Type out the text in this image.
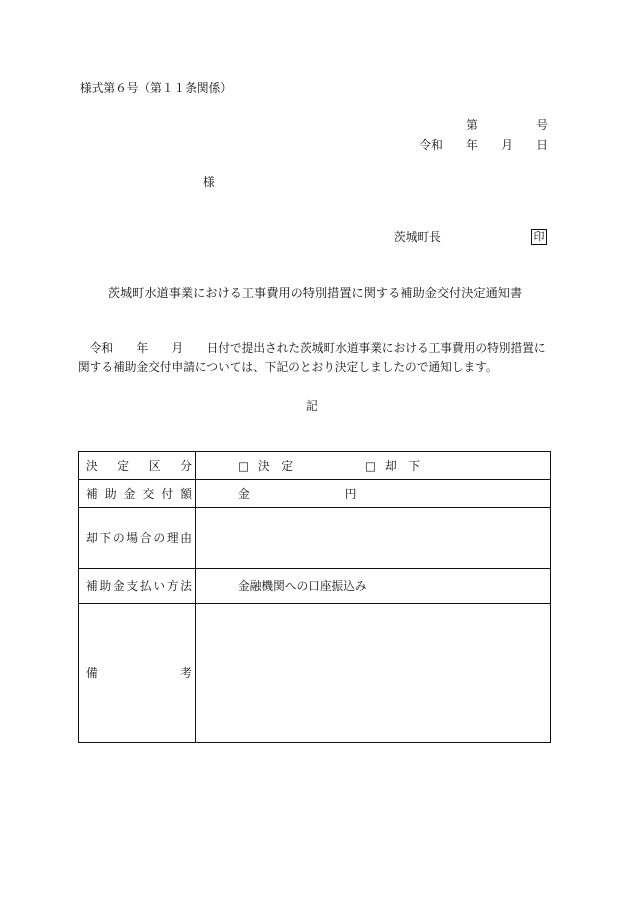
様式第６号（第１１条関係）
第　　　　　号
令和　　年　　月　　日
様
茨城町長	印
茨城町水道事業における工事費用の特別措置に関する補助金交付決定通知書
　令和　　年　　月　　日付で提出された茨城町水道事業における工事費用の特別措置に
関する補助金交付申請については、下記のとおり決定しましたので通知します。
記
決定区分	□ 決　定 □ 却　下

補助金交付額	金 円

却下の場合の理由	

補助金支払い方法	金融機関への口座振込み

備考	
